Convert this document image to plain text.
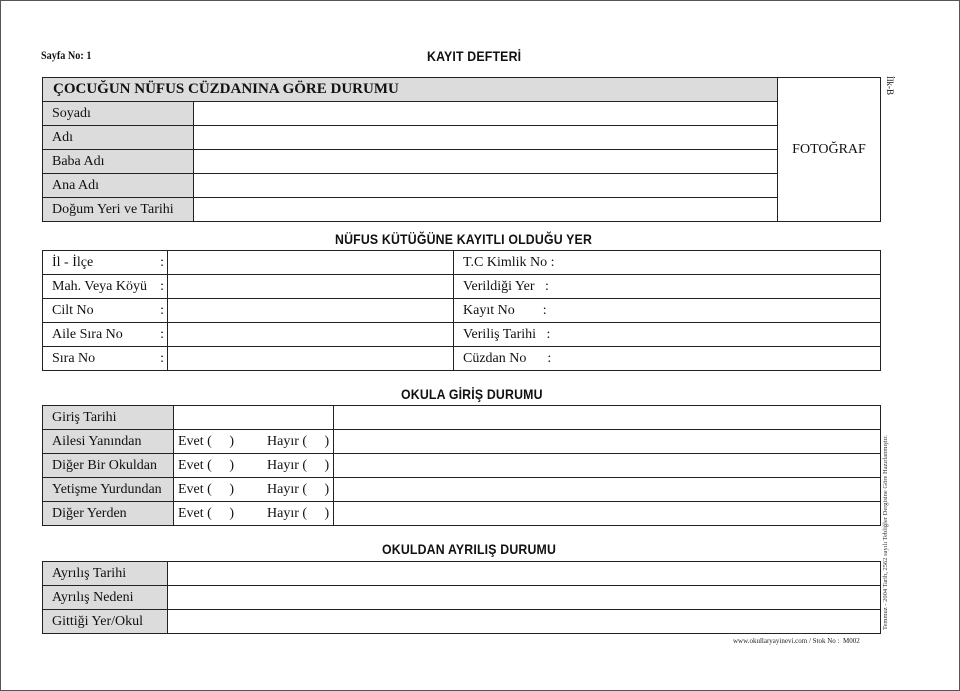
Sayfa No: 1	KAYIT DEFTERİ
İlk-B
Temmuz - 2004 Tarih, 2562 sayılı Tebliğler Dergisine Göre Hazırlanmıştır.
ÇOCUĞUN NÜFUS CÜZDANINA GÖRE DURUMU		FOTOĞRAF
Soyadı		
Adı		
Baba Adı		
Ana Adı		
Doğum Yeri ve Tarihi		
NÜFUS KÜTÜĞÜNE KAYITLI OLDUĞU YER
İl - İlçe :		T.C Kimlik No :
Mah. Veya Köyü :		Verildiği Yer   :
Cilt No :		Kayıt No        :
Aile Sıra No :		Veriliş Tarihi   :
Sıra No :		Cüzdan No      :
OKULA GİRİŞ DURUMU
Giriş Tarihi		
Ailesi Yanından	Evet (     ) Hayır (     )	
Diğer Bir Okuldan	Evet (     ) Hayır (     )	
Yetişme Yurdundan	Evet (     ) Hayır (     )	
Diğer Yerden	Evet (     ) Hayır (     )	
OKULDAN AYRILIŞ DURUMU
Ayrılış Tarihi	
Ayrılış Nedeni	
Gittiği Yer/Okul	
www.okullaryayinevi.com / Stok No :  M002
